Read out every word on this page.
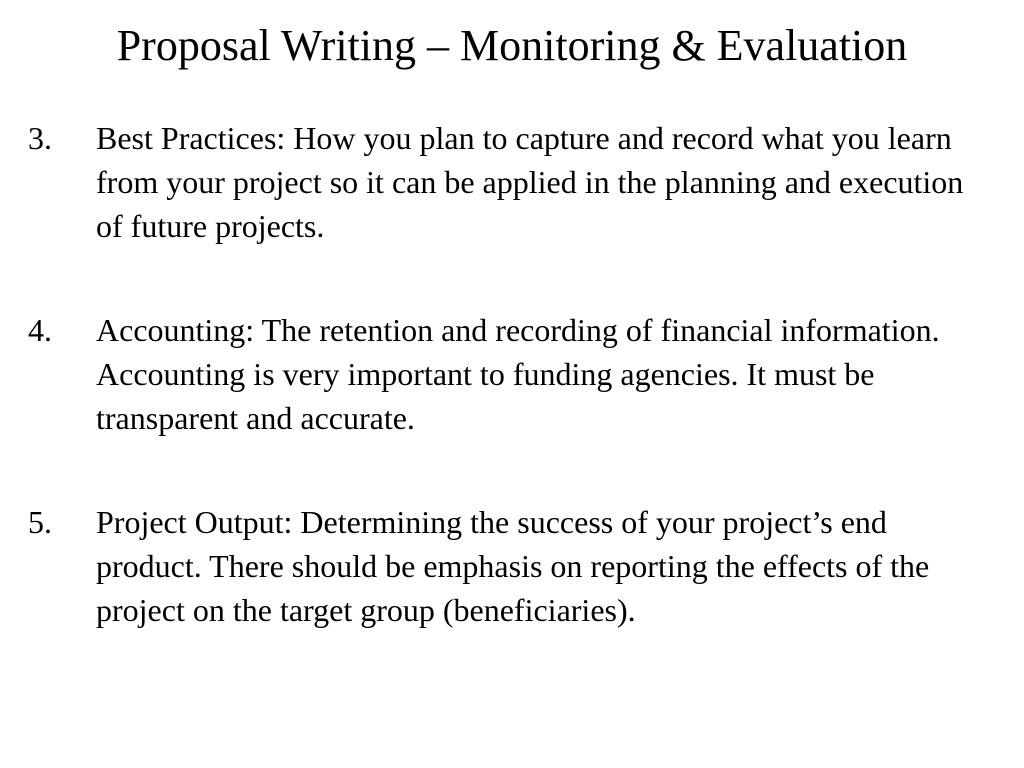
Proposal Writing – Monitoring & Evaluation
3. Best Practices: How you plan to capture and record what you learn from your project so it can be applied in the planning and execution of future projects.
4. Accounting: The retention and recording of financial information. Accounting is very important to funding agencies. It must be transparent and accurate.
5. Project Output: Determining the success of your project’s end product. There should be emphasis on reporting the effects of the project on the target group (beneficiaries).
